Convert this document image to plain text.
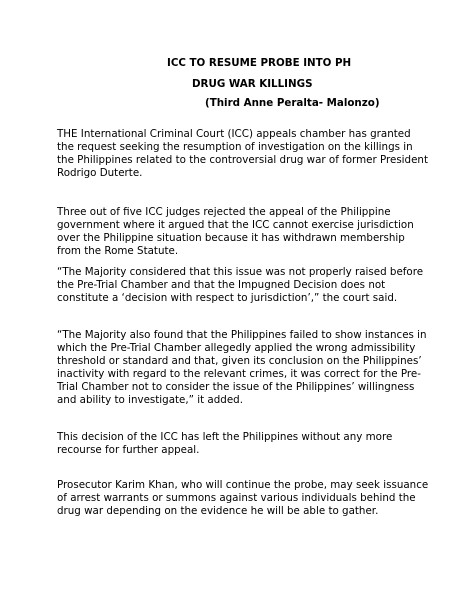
ICC TO RESUME PROBE INTO PH
DRUG WAR KILLINGS
(Third Anne Peralta- Malonzo)

THE International Criminal Court (ICC) appeals chamber has granted the request seeking the resumption of investigation on the killings in the Philippines related to the controversial drug war of former President Rodrigo Duterte.

Three out of five ICC judges rejected the appeal of the Philippine government where it argued that the ICC cannot exercise jurisdiction over the Philippine situation because it has withdrawn membership from the Rome Statute.

“The Majority considered that this issue was not properly raised before the Pre-Trial Chamber and that the Impugned Decision does not constitute a ‘decision with respect to jurisdiction’,” the court said.

“The Majority also found that the Philippines failed to show instances in which the Pre-Trial Chamber allegedly applied the wrong admissibility threshold or standard and that, given its conclusion on the Philippines’ inactivity with regard to the relevant crimes, it was correct for the Pre-Trial Chamber not to consider the issue of the Philippines’ willingness and ability to investigate,” it added.

This decision of the ICC has left the Philippines without any more recourse for further appeal.

Prosecutor Karim Khan, who will continue the probe, may seek issuance of arrest warrants or summons against various individuals behind the drug war depending on the evidence he will be able to gather.
